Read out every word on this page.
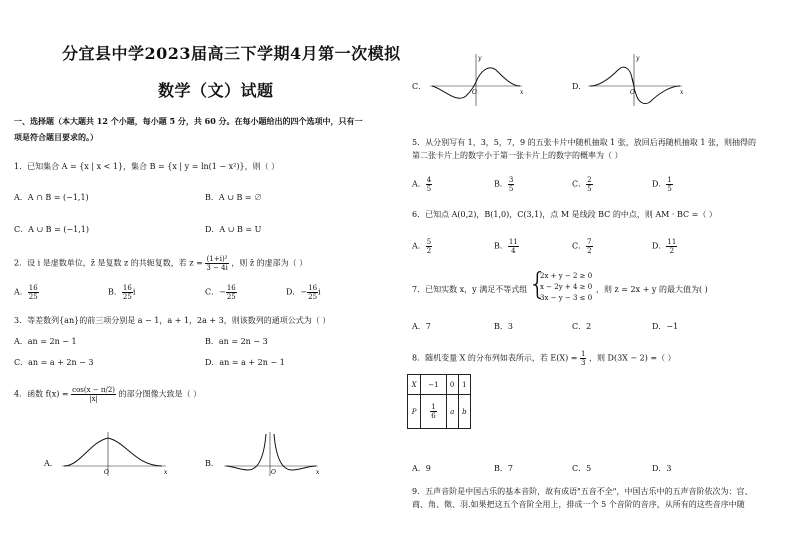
分宜县中学2023届高三下学期4月第一次模拟
数学（文）试题
一、选择题（本大题共 12 个小题，每小题 5 分，共 60 分。在每小题给出的四个选项中，只有一
项是符合题目要求的。）
1．已知集合 A = {x | x < 1}，集合 B = {x | y = ln(1 − x²)}，则（ ）
A．A ∩ B = (−1,1)	B．A ∪ B = ∅
C．A ∪ B = (−1,1)	D．A ∪ B = U
2．设 i 是虚数单位，z̄ 是复数 z 的共轭复数，若 $z = \frac{\text{(1+i)²}}{3 - 4i}$ ，则 z̄ 的虚部为（ ）
A． $\frac{16}{25}$	B． $\frac{16}{25}$ i	C．− $\frac{16}{25}$	D．− $\frac{16}{25}$ i
3．等差数列{an}的前三项分别是 a − 1，a + 1，2a + 3，则该数列的通项公式为（ ）
A．an = 2n − 1	B．an = 2n − 3
C．an = a + 2n − 3	D．an = a + 2n − 1
4．函数 $f(x) = \frac{\cos(x - \pi/2)}{|x|}$ 的部分图像大致是（ ）
A．
O	x
B．
O	x
C．
y
O	x
D．
y
O	x
5．从分别写有 1，3，5，7，9 的五张卡片中随机抽取 1 张，放回后再随机抽取 1 张，则抽得的
第二张卡片上的数字小于第一张卡片上的数字的概率为（ ）
A． $\frac{4}{5}$	B． $\frac{3}{5}$	C． $\frac{2}{5}$	D． $\frac{1}{5}$
6．已知点 A(0,2)，B(1,0)，C(3,1)，点 M 是线段 BC 的中点，则 AM · BC =（ ）
A． $\frac{5}{2}$	B． $\frac{11}{4}$	C． $\frac{7}{2}$	D． $\frac{11}{2}$
7．已知实数 x，y 满足不等式组 {
2x + y − 2 ≥ 0
x − 2y + 4 ≥ 0
3x − y − 3 ≤ 0
，则 z = 2x + y 的最大值为( )
A．7	B．3	C．2	D．−1
8．随机变量 X 的分布列如表所示，若 $E(X) = \frac{1}{3}$ ，则 D(3X − 2) =（ ）
X	−1	0	1
P	$\frac{1}{6}$	a	b
A．9	B．7	C．5	D．3
9．五声音阶是中国古乐的基本音阶，故有成语"五音不全"，中国古乐中的五声音阶依次为：宫、
商、角、徵、羽.如果把这五个音阶全用上，排成一个 5 个音阶的音序，从所有的这些音序中随
